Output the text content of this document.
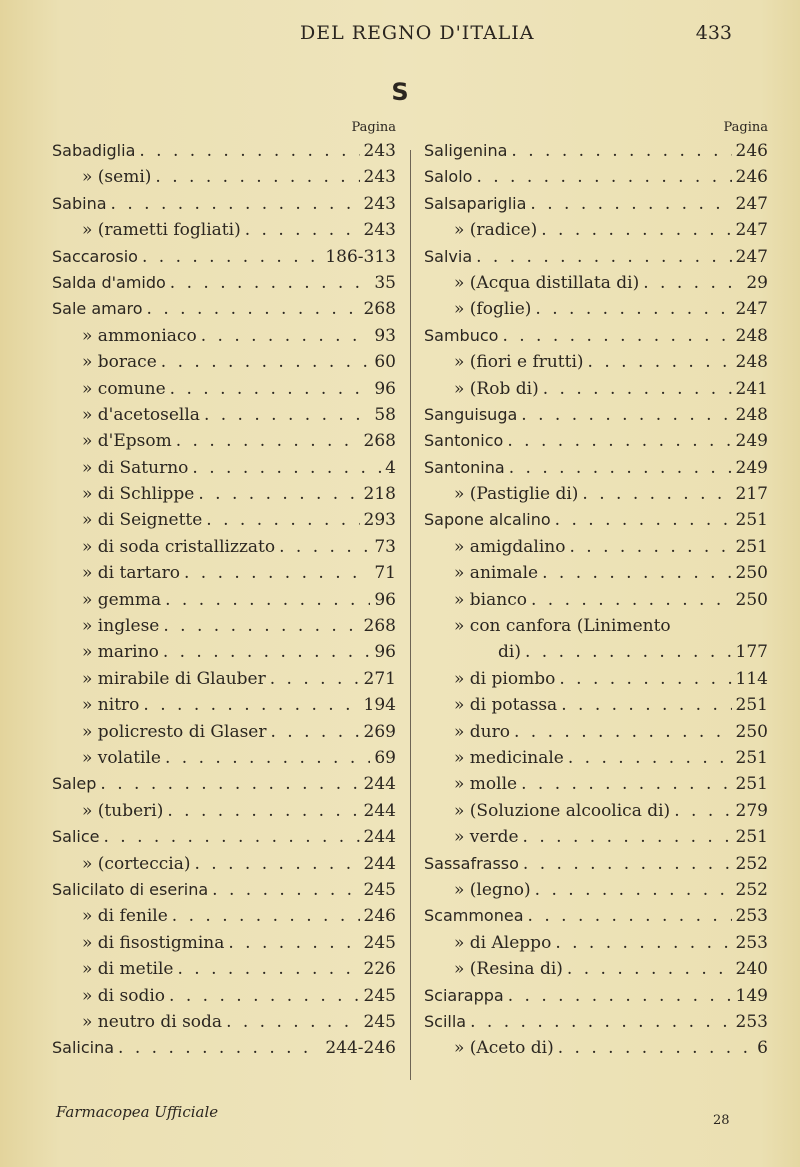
DEL REGNO D'ITALIA	433
S
Pagina
Sabadiglia . . .	243
» (semi) . . .	243
Sabina . . .	243
» (rametti fogliati) . . .	243
Saccarosio . . .	186-313
Salda d'amido . . .	35
Sale amaro . . .	268
» ammoniaco . . .	93
» borace . . .	60
» comune . . .	96
» d'acetosella . . .	58
» d'Epsom . . .	268
» di Saturno . . .	4
» di Schlippe . . .	218
» di Seignette . . .	293
» di soda cristallizzato . . .	73
» di tartaro . . .	71
» gemma . . .	96
» inglese . . .	268
» marino . . .	96
» mirabile di Glauber . . .	271
» nitro . . .	194
» policresto di Glaser . . .	269
» volatile . . .	69
Salep . . .	244
» (tuberi) . . .	244
Salice . . .	244
» (corteccia) . . .	244
Salicilato di eserina . . .	245
» di fenile . . .	246
» di fisostigmina . . .	245
» di metile . . .	226
» di sodio . . .	245
» neutro di soda . . .	245
Salicina . . .	244-246
Pagina
Saligenina . . .	246
Salolo . . .	246
Salsapariglia . . .	247
» (radice) . . .	247
Salvia . . .	247
» (Acqua distillata di) . . .	29
» (foglie) . . .	247
Sambuco . . .	248
» (fiori e frutti) . . .	248
» (Rob di) . . .	241
Sanguisuga . . .	248
Santonico . . .	249
Santonina . . .	249
» (Pastiglie di) . . .	217
Sapone alcalino . . .	251
» amigdalino . . .	251
» animale . . .	250
» bianco . . .	250
» con canfora (Linimento
di) . . .	177
» di piombo . . .	114
» di potassa . . .	251
» duro . . .	250
» medicinale . . .	251
» molle . . .	251
» (Soluzione alcoolica di) . . .	279
» verde . . .	251
Sassafrasso . . .	252
» (legno) . . .	252
Scammonea . . .	253
» di Aleppo . . .	253
» (Resina di) . . .	240
Sciarappa . . .	149
Scilla . . .	253
» (Aceto di) . . .	6
Farmacopea Ufficiale	28
